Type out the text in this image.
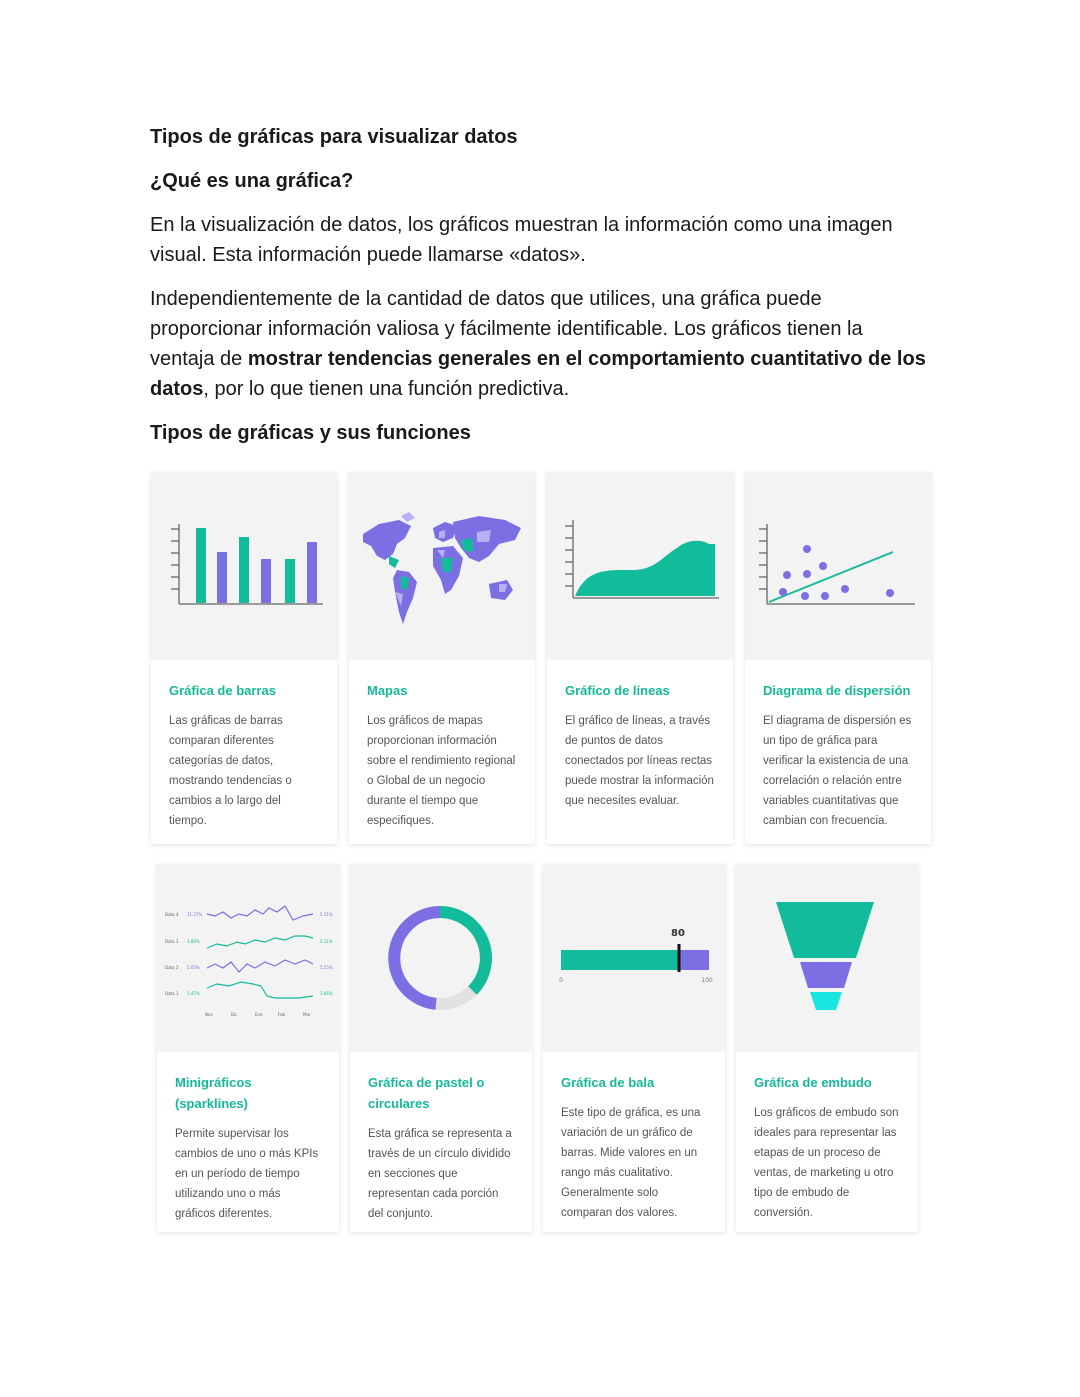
Tipos de gráficas para visualizar datos
¿Qué es una gráfica?
En la visualización de datos, los gráficos muestran la información como una imagen visual. Esta información puede llamarse «datos».
Independientemente de la cantidad de datos que utilices, una gráfica puede proporcionar información valiosa y fácilmente identificable. Los gráficos tienen la ventaja de mostrar tendencias generales en el comportamiento cuantitativo de los datos, por lo que tienen una función predictiva.
Tipos de gráficas y sus funciones

Gráfica de barras

Las gráficas de barras comparan diferentes categorías de datos, mostrando tendencias o cambios a lo largo del tiempo.

Mapas

Los gráficos de mapas proporcionan información sobre el rendimiento regional o Global de un negocio durante el tiempo que especifiques.

Gráfico de líneas

El gráfico de líneas, a través de puntos de datos conectados por líneas rectas puede mostrar la información que necesites evaluar.

Diagrama de dispersión

El diagrama de dispersión es un tipo de gráfica para verificar la existencia de una correlación o relación entre variables cuantitativas que cambian con frecuencia.

Data 4
Data 3
Data 2
Data 1
11.27%
3.86%
5.05%
5.47%
5.51%
5.11%
5.55%
3.66%
Nov	Dic	Ene	Feb	Mar

Minigráficos (sparklines)

Permite supervisar los cambios de uno o más KPIs en un período de tiempo utilizando uno o más gráficos diferentes.

Gráfica de pastel o circulares

Esta gráfica se representa a través de un círculo dividido en secciones que representan cada porción del conjunto.

80
0	100

Gráfica de bala

Este tipo de gráfica, es una variación de un gráfico de barras. Mide valores en un rango más cualitativo. Generalmente solo comparan dos valores.

Gráfica de embudo

Los gráficos de embudo son ideales para representar las etapas de un proceso de ventas, de marketing u otro tipo de embudo de conversión.
